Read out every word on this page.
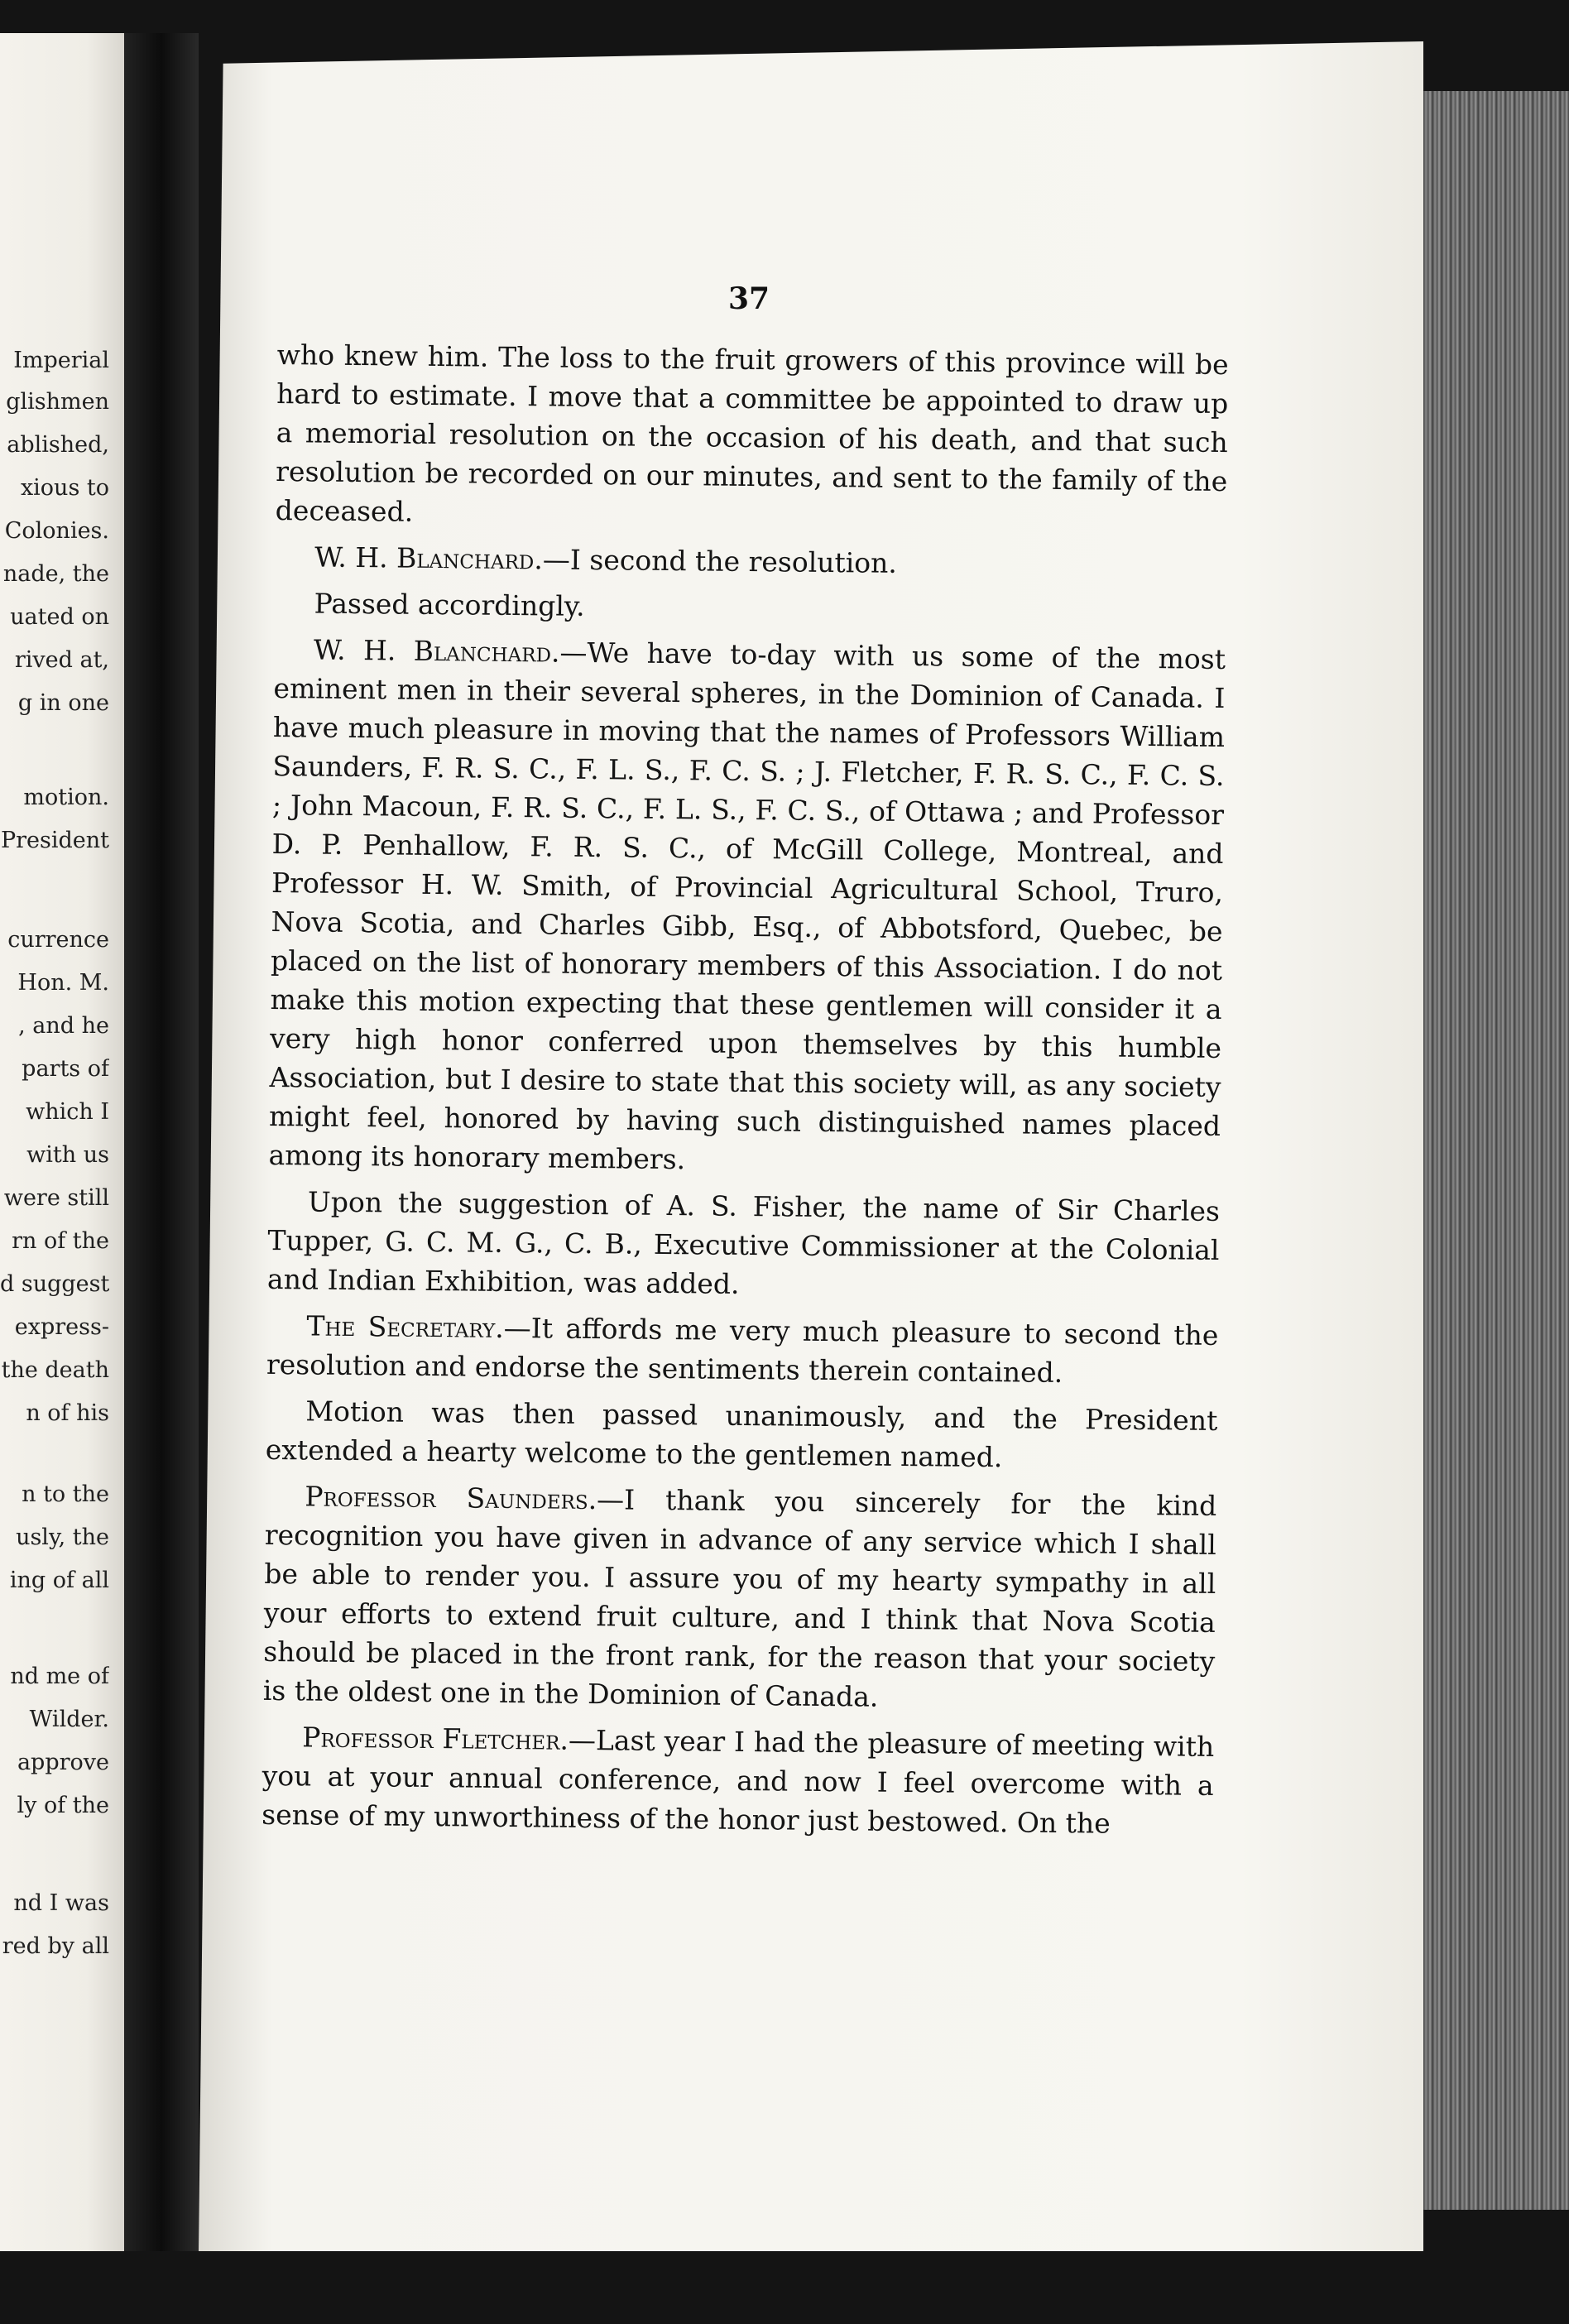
Imperial
glishmen
ablished,
xious to
Colonies.
nade, the
uated on
rived at,
g in one
motion.
President
currence
Hon. M.
, and he
parts of
which I
with us
were still
rn of the
d suggest
express-
the death
n of his
n to the
usly, the
ing of all
nd me of
Wilder.
approve
ly of the
nd I was
red by all
37

who knew him. The loss to the fruit growers of this province will be hard to estimate. I move that a committee be appointed to draw up a memorial resolution on the occasion of his death, and that such resolution be recorded on our minutes, and sent to the family of the deceased.

W. H. Blanchard.—I second the resolution.

Passed accordingly.

W. H. Blanchard.—We have to-day with us some of the most eminent men in their several spheres, in the Dominion of Canada. I have much pleasure in moving that the names of Professors William Saunders, F. R. S. C., F. L. S., F. C. S. ; J. Fletcher, F. R. S. C., F. C. S. ; John Macoun, F. R. S. C., F. L. S., F. C. S., of Ottawa ; and Professor D. P. Penhallow, F. R. S. C., of McGill College, Montreal, and Professor H. W. Smith, of Provincial Agricultural School, Truro, Nova Scotia, and Charles Gibb, Esq., of Abbotsford, Quebec, be placed on the list of honorary members of this Association. I do not make this motion expecting that these gentlemen will consider it a very high honor conferred upon themselves by this humble Association, but I desire to state that this society will, as any society might feel, honored by having such distinguished names placed among its honorary members.

Upon the suggestion of A. S. Fisher, the name of Sir Charles Tupper, G. C. M. G., C. B., Executive Commissioner at the Colonial and Indian Exhibition, was added.

The Secretary.—It affords me very much pleasure to second the resolution and endorse the sentiments therein contained.

Motion was then passed unanimously, and the President extended a hearty welcome to the gentlemen named.

Professor Saunders.—I thank you sincerely for the kind recognition you have given in advance of any service which I shall be able to render you. I assure you of my hearty sympathy in all your efforts to extend fruit culture, and I think that Nova Scotia should be placed in the front rank, for the reason that your society is the oldest one in the Dominion of Canada.

Professor Fletcher.—Last year I had the pleasure of meeting with you at your annual conference, and now I feel overcome with a sense of my unworthiness of the honor just bestowed. On the
